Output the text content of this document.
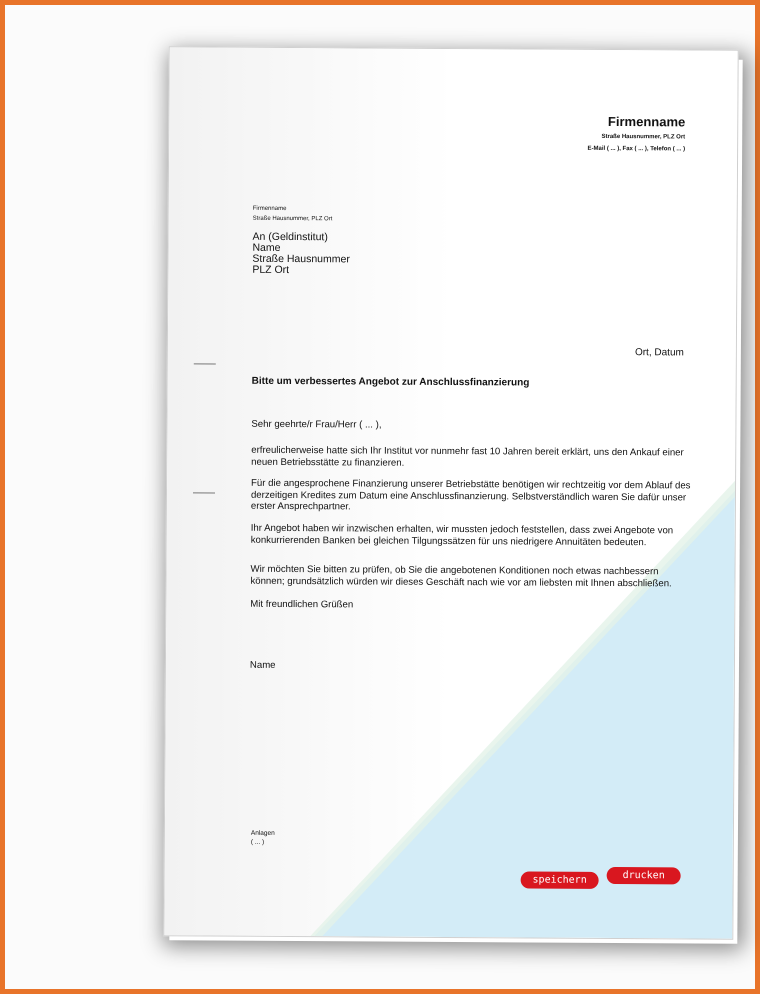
Firmenname
Straße Hausnummer, PLZ Ort
E-Mail ( ... ), Fax ( ... ), Telefon ( ... )
Firmenname
Straße Hausnummer, PLZ Ort
An (Geldinstitut)
Name
Straße Hausnummer
PLZ Ort
Ort, Datum
Bitte um verbessertes Angebot zur Anschlussfinanzierung
Sehr geehrte/r Frau/Herr ( ... ),
erfreulicherweise hatte sich Ihr Institut vor nunmehr fast 10 Jahren bereit erklärt, uns den Ankauf einer neuen Betriebsstätte zu finanzieren.
Für die angesprochene Finanzierung unserer Betriebstätte benötigen wir rechtzeitig vor dem Ablauf des derzeitigen Kredites zum Datum eine Anschlussfinanzierung. Selbstverständlich waren Sie dafür unser erster Ansprechpartner.
Ihr Angebot haben wir inzwischen erhalten, wir mussten jedoch feststellen, dass zwei Angebote von konkurrierenden Banken bei gleichen Tilgungssätzen für uns niedrigere Annuitäten bedeuten.
Wir möchten Sie bitten zu prüfen, ob Sie die angebotenen Konditionen noch etwas nachbessern können; grundsätzlich würden wir dieses Geschäft nach wie vor am liebsten mit Ihnen abschließen.
Mit freundlichen Grüßen
Name
Anlagen
( ... )
speichern	drucken
